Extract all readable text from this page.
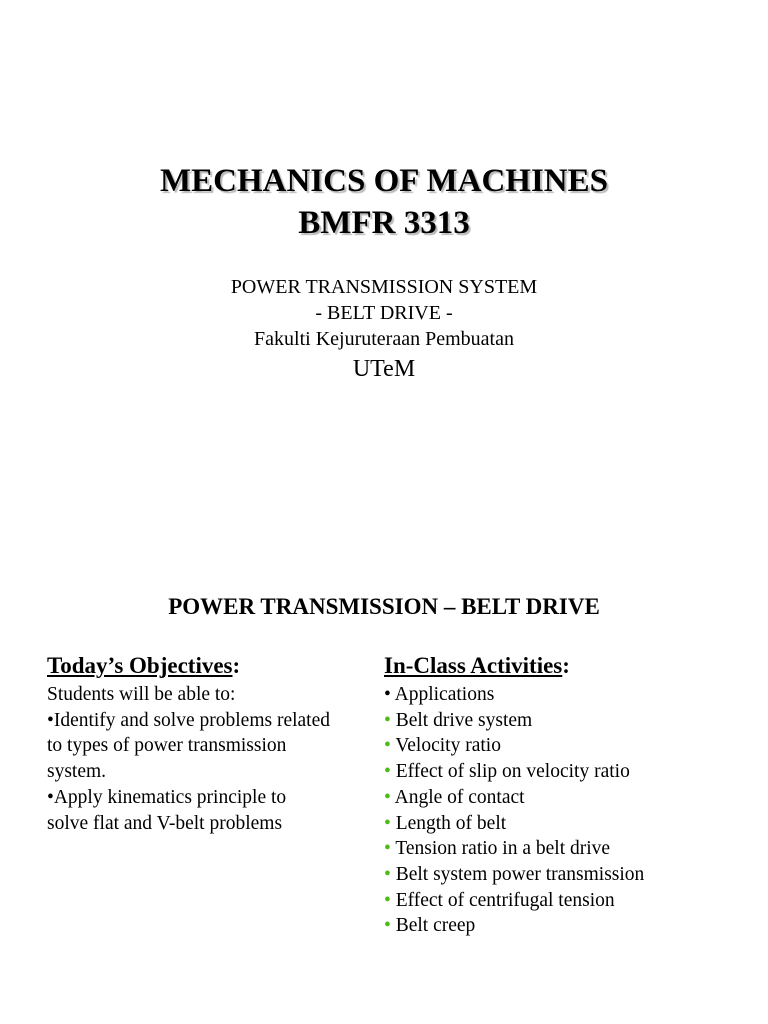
MECHANICS OF MACHINES
BMFR 3313
POWER TRANSMISSION SYSTEM
- BELT DRIVE -
Fakulti Kejuruteraan Pembuatan
UTeM
POWER TRANSMISSION – BELT DRIVE
Today’s Objectives:
Students will be able to:
•Identify and solve problems related
to types of power transmission
system.
•Apply kinematics principle to
solve flat and V-belt problems
In-Class Activities:
• Applications
• Belt drive system
• Velocity ratio
• Effect of slip on velocity ratio
• Angle of contact
• Length of belt
• Tension ratio in a belt drive
• Belt system power transmission
• Effect of centrifugal tension
• Belt creep
